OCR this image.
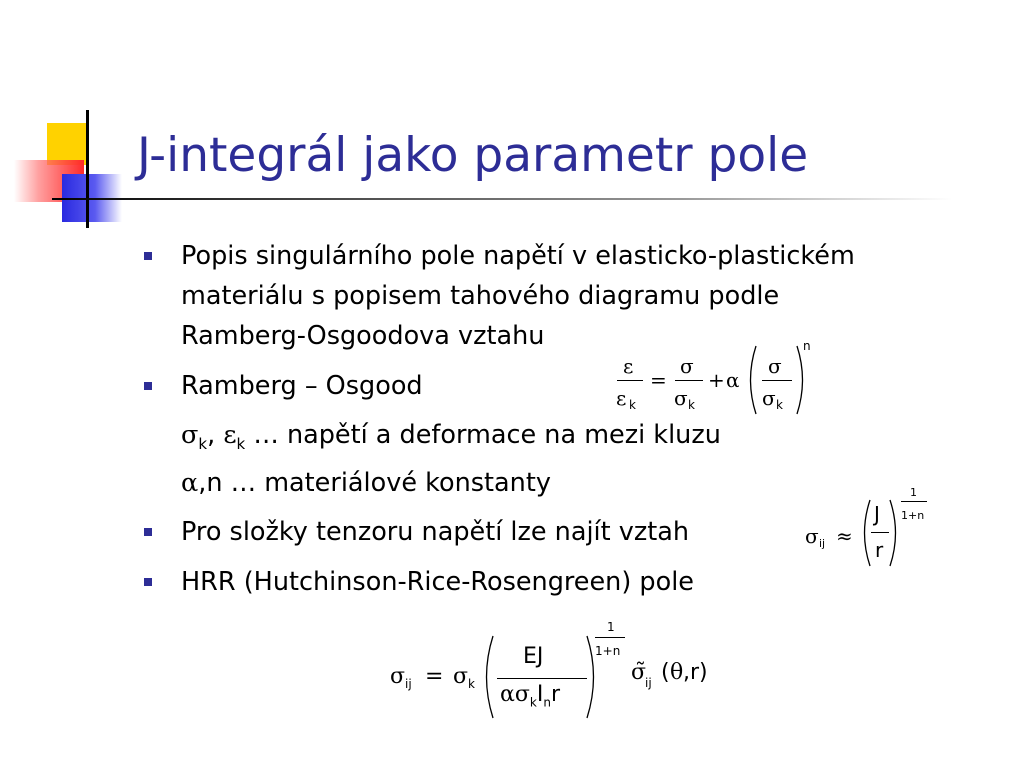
J-integrál jako parametr pole
Popis singulárního pole napětí v elasticko-plastickém
materiálu s popisem tahového diagramu podle
Ramberg-Osgoodova vztahu
Ramberg – Osgood
$\sigma_k$, $\varepsilon_k$ … napětí a deformace na mezi kluzu
α,n … materiálové konstanty
Pro složky tenzoru napětí lze najít vztah
HRR (Hutchinson-Rice-Rosengreen) pole
ε
ε k
=
σ
σ k
+ α
σ
σ k
n
σ ij ≈
J
r
1
1+n
σ ij = σ k
EJ
$\alpha\sigma_kI_nr$
1
1+n
σ̃
ij ( θ ,r)
